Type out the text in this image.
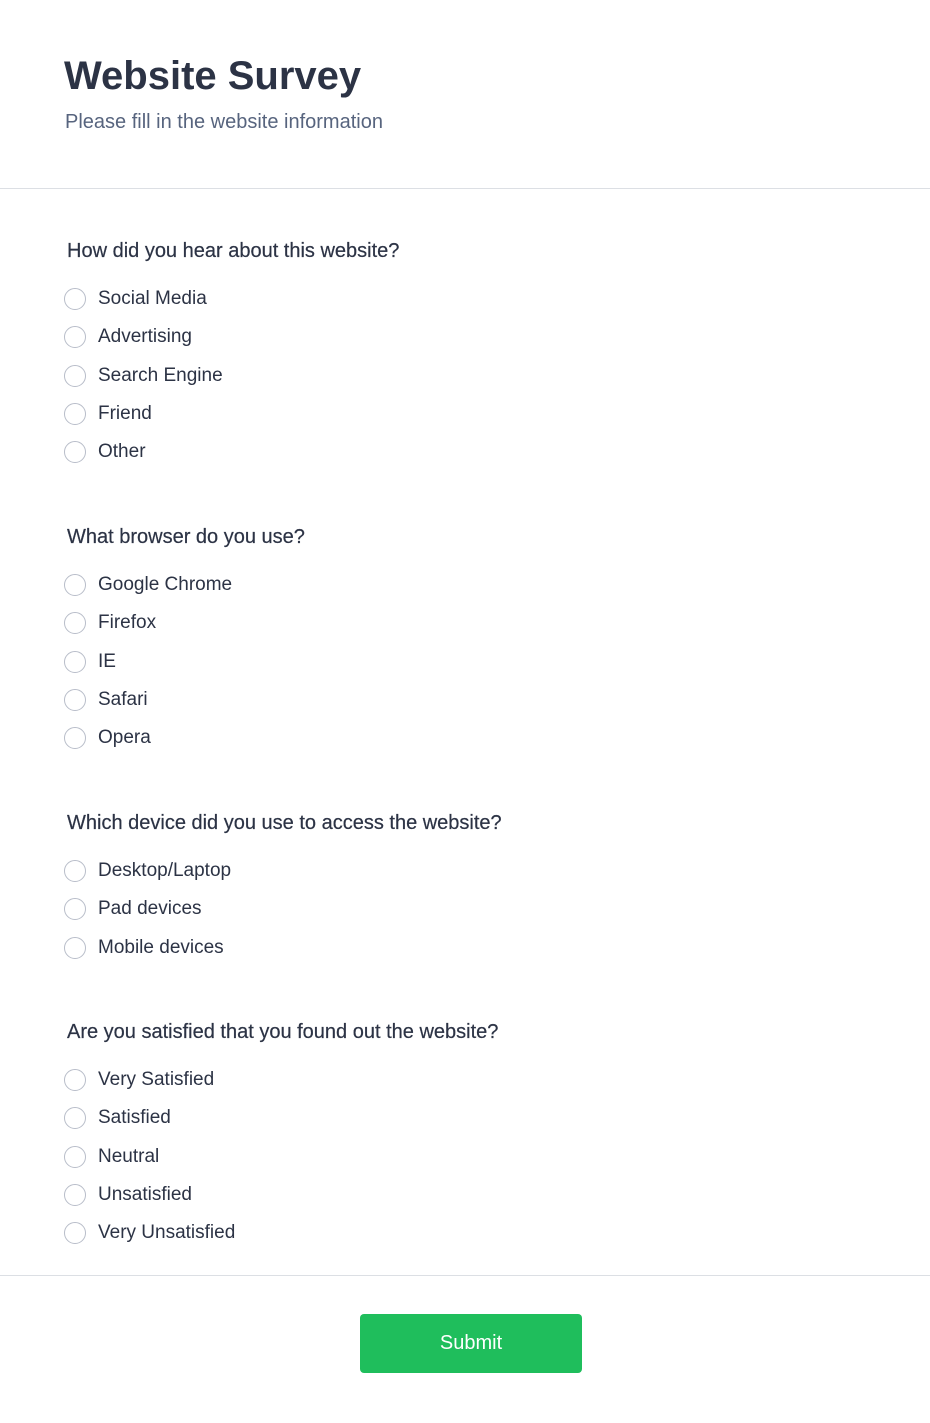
Website Survey

Please fill in the website information

How did you hear about this website?

Social Media
Advertising
Search Engine
Friend
Other

What browser do you use?

Google Chrome
Firefox
IE
Safari
Opera

Which device did you use to access the website?

Desktop/Laptop
Pad devices
Mobile devices

Are you satisfied that you found out the website?

Very Satisfied
Satisfied
Neutral
Unsatisfied
Very Unsatisfied
Submit
